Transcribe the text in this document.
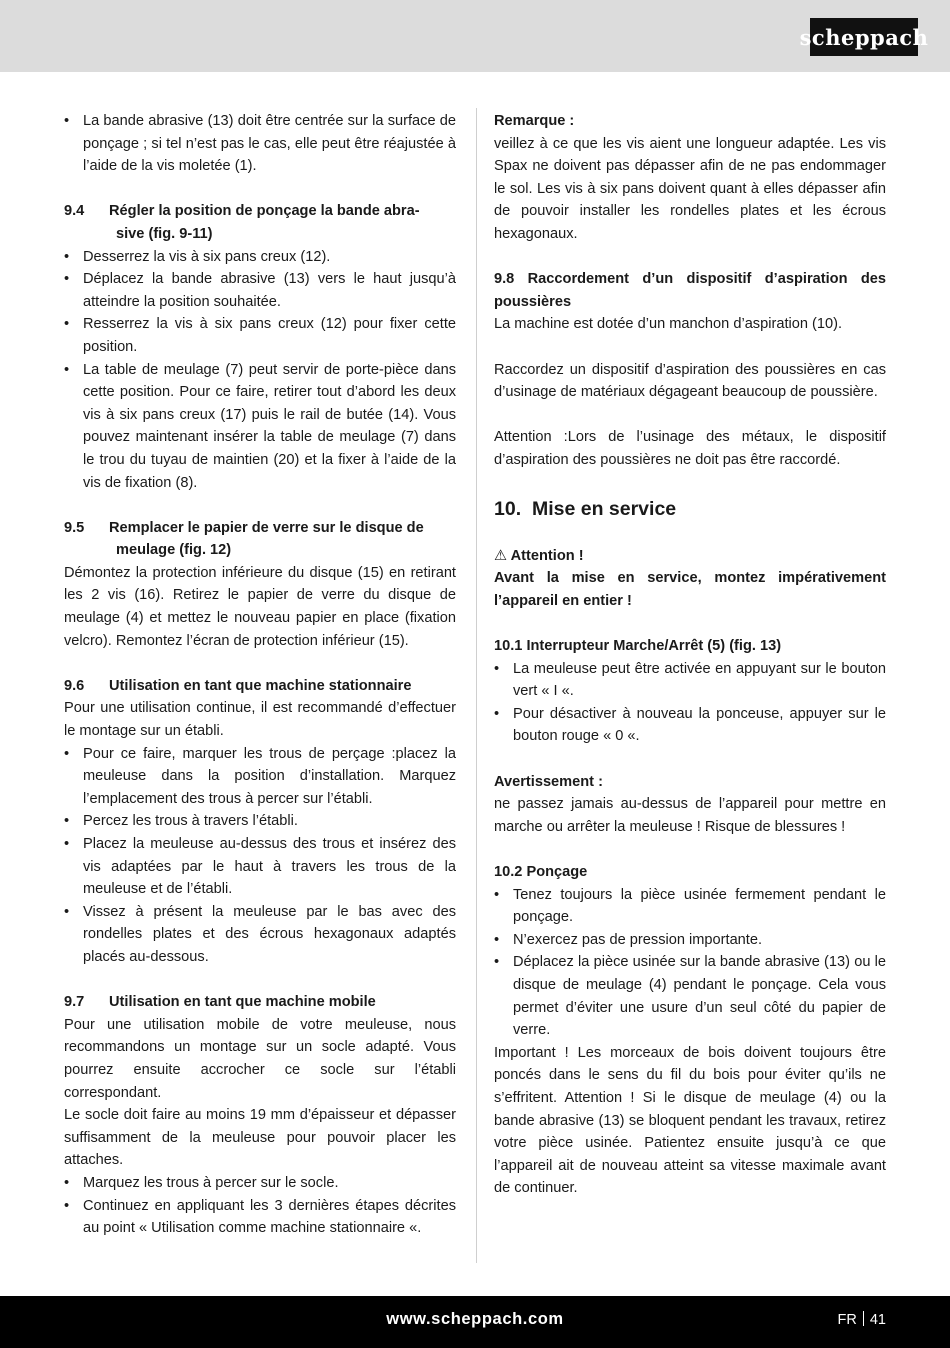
scheppach
• La bande abrasive (13) doit être centrée sur la surface de ponçage ; si tel n’est pas le cas, elle peut être réajustée à l’aide de la vis moletée (1).
9.4	Régler la position de ponçage la bande abra-
sive (fig. 9-11)
• Desserrez la vis à six pans creux (12).
• Déplacez la bande abrasive (13) vers le haut jusqu’à atteindre la position souhaitée.
• Resserrez la vis à six pans creux (12) pour fixer cette position.
• La table de meulage (7) peut servir de porte-pièce dans cette position. Pour ce faire, retirer tout d’abord les deux vis à six pans creux (17) puis le rail de butée (14). Vous pouvez maintenant insérer la table de meulage (7) dans le trou du tuyau de maintien (20) et la fixer à l’aide de la vis de fixation (8).
9.5	Remplacer le papier de verre sur le disque de
meulage (fig. 12)

Démontez la protection inférieure du disque (15) en retirant les 2 vis (16). Retirez le papier de verre du disque de meulage (4) et mettez le nouveau papier en place (fixation velcro). Remontez l’écran de protection inférieur (15).

9.6	Utilisation en tant que machine stationnaire

Pour une utilisation continue, il est recommandé d’effectuer le montage sur un établi.

• Pour ce faire, marquer les trous de perçage :placez la meuleuse dans la position d’installation. Marquez l’emplacement des trous à percer sur l’établi.
• Percez les trous à travers l’établi.
• Placez la meuleuse au-dessus des trous et insérez des vis adaptées par le haut à travers les trous de la meuleuse et de l’établi.
• Vissez à présent la meuleuse par le bas avec des rondelles plates et des écrous hexagonaux adaptés placés au-dessous.
9.7	Utilisation en tant que machine mobile

Pour une utilisation mobile de votre meuleuse, nous recommandons un montage sur un socle adapté. Vous pourrez ensuite accrocher ce socle sur l’établi correspondant.

Le socle doit faire au moins 19 mm d’épaisseur et dépasser suffisamment de la meuleuse pour pouvoir placer les attaches.

• Marquez les trous à percer sur le socle.
• Continuez en appliquant les 3 dernières étapes décrites au point « Utilisation comme machine stationnaire «.
Remarque :

veillez à ce que les vis aient une longueur adaptée. Les vis Spax ne doivent pas dépasser afin de ne pas endommager le sol. Les vis à six pans doivent quant à elles dépasser afin de pouvoir installer les rondelles plates et les écrous hexagonaux.

9.8 Raccordement d’un dispositif d’aspiration des poussières

La machine est dotée d’un manchon d’aspiration (10).

Raccordez un dispositif d’aspiration des poussières en cas d’usinage de matériaux dégageant beaucoup de poussière.

Attention :Lors de l’usinage des métaux, le dispositif d’aspiration des poussières ne doit pas être raccordé.

10. Mise en service
⚠ Attention !

Avant la mise en service, montez impérativement l’appareil en entier !

10.1 Interrupteur Marche/Arrêt (5) (fig. 13)
• La meuleuse peut être activée en appuyant sur le bouton vert « I «.
• Pour désactiver à nouveau la ponceuse, appuyer sur le bouton rouge « 0 «.
Avertissement :

ne passez jamais au-dessus de l’appareil pour mettre en marche ou arrêter la meuleuse ! Risque de blessures !

10.2 Ponçage
• Tenez toujours la pièce usinée fermement pendant le ponçage.
• N’exercez pas de pression importante.
• Déplacez la pièce usinée sur la bande abrasive (13) ou le disque de meulage (4) pendant le ponçage. Cela vous permet d’éviter une usure d’un seul côté du papier de verre.

Important ! Les morceaux de bois doivent toujours être poncés dans le sens du fil du bois pour éviter qu’ils ne s’effritent. Attention ! Si le disque de meulage (4) ou la bande abrasive (13) se bloquent pendant les travaux, retirez votre pièce usinée. Patientez ensuite jusqu’à ce que l’appareil ait de nouveau atteint sa vitesse maximale avant de continuer.

www.scheppach.com	FR 41
